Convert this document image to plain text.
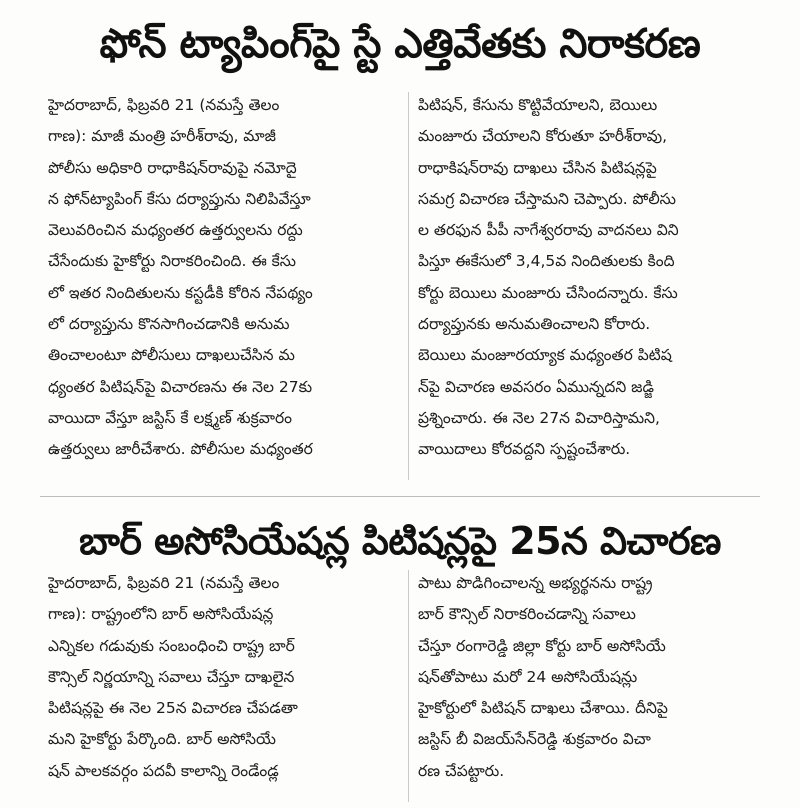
ఫోన్ ట్యాపింగ్‌పై స్టే ఎత్తివేతకు నిరాకరణ
హైదరాబాద్, ఫిబ్రవరి 21 (నమస్తే తెలం
గాణ): మాజీ మంత్రి హరీశ్‌రావు, మాజీ
పోలీసు అధికారి రాధాకిషన్‌రావుపై నమోదై
న ఫోన్‌ట్యాపింగ్ కేసు దర్యాప్తును నిలిపివేస్తూ
వెలువరించిన మధ్యంతర ఉత్తర్వులను రద్దు
చేసేందుకు హైకోర్టు నిరాకరించింది. ఈ కేసు
లో ఇతర నిందితులను కస్టడీకి కోరిన నేపథ్యం
లో దర్యాప్తును కొనసాగించడానికి అనుమ
తించాలంటూ పోలీసులు దాఖలుచేసిన మ
ధ్యంతర పిటిషన్‌పై విచారణను ఈ నెల 27కు
వాయిదా వేస్తూ జస్టిస్ కే లక్ష్మణ్ శుక్రవారం
ఉత్తర్వులు జారీచేశారు. పోలీసుల మధ్యంతర
పిటిషన్, కేసును కొట్టివేయాలని, బెయిలు
మంజూరు చేయాలని కోరుతూ హరీశ్‌రావు,
రాధాకిషన్‌రావు దాఖలు చేసిన పిటిషన్లపై
సమగ్ర విచారణ చేస్తామని చెప్పారు. పోలీసు
ల తరఫున పీపీ నాగేశ్వరరావు వాదనలు విని
పిస్తూ ఈకేసులో 3,4,5వ నిందితులకు కింది
కోర్టు బెయిలు మంజూరు చేసిందన్నారు. కేసు
దర్యాప్తునకు అనుమతించాలని కోరారు.
బెయిలు మంజూరయ్యాక మధ్యంతర పిటిష
న్‌పై విచారణ అవసరం ఏమున్నదని జడ్జి
ప్రశ్నించారు. ఈ నెల 27న విచారిస్తామని,
వాయిదాలు కోరవద్దని స్పష్టంచేశారు.
బార్ అసోసియేషన్ల పిటిషన్లపై 25న విచారణ
హైదరాబాద్, ఫిబ్రవరి 21 (నమస్తే తెలం
గాణ): రాష్ట్రంలోని బార్ అసోసియేషన్ల
ఎన్నికల గడువుకు సంబంధించి రాష్ట్ర బార్
కౌన్సిల్ నిర్ణయాన్ని సవాలు చేస్తూ దాఖలైన
పిటిషన్లపై ఈ నెల 25న విచారణ చేపడతా
మని హైకోర్టు పేర్కొంది. బార్ అసోసియే
షన్ పాలకవర్గం పదవీ కాలాన్ని రెండేండ్ల
పాటు పొడిగించాలన్న అభ్యర్థనను రాష్ట్ర
బార్ కౌన్సిల్ నిరాకరించడాన్ని సవాలు
చేస్తూ రంగారెడ్డి జిల్లా కోర్టు బార్ అసోసియే
షన్‌తోపాటు మరో 24 అసోసియేషన్లు
హైకోర్టులో పిటిషన్ దాఖలు చేశాయి. దీనిపై
జస్టిస్ బీ విజయ్‌సేన్‌రెడ్డి శుక్రవారం విచా
రణ చేపట్టారు.
